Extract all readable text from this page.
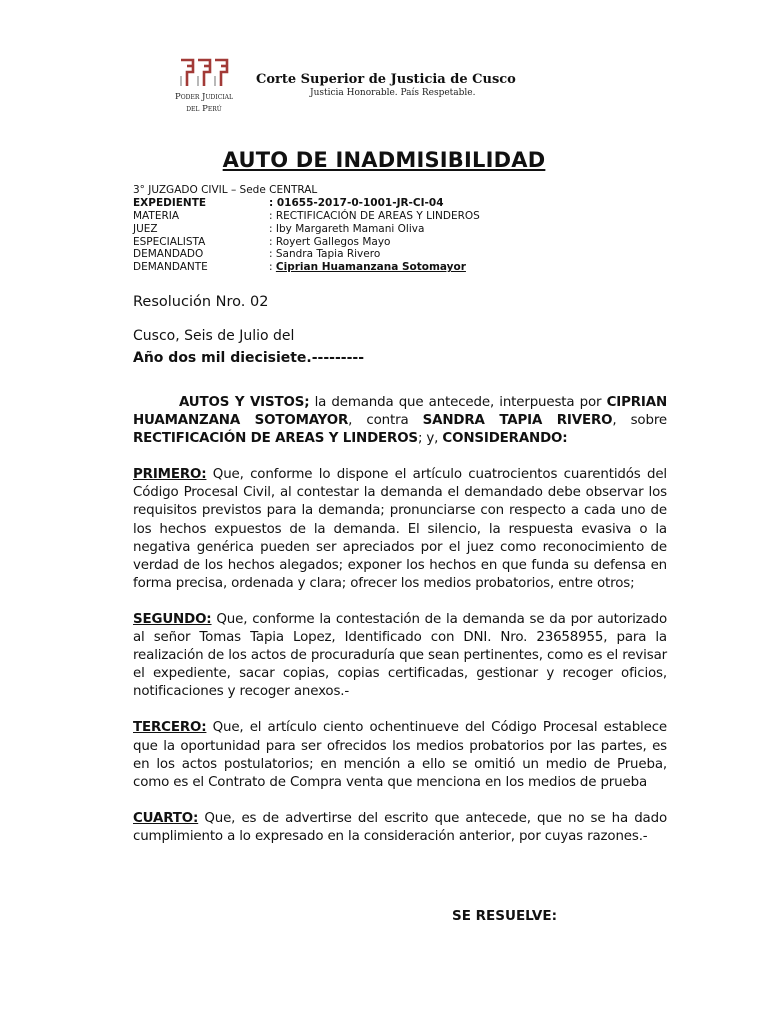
Poder Judicial
del Perú
Corte Superior de Justicia de Cusco
Justicia Honorable. País Respetable.
AUTO DE INADMISIBILIDAD
3° JUZGADO CIVIL – Sede CENTRAL
EXPEDIENTE	: 01655-2017-0-1001-JR-CI-04
MATERIA	: RECTIFICACIÓN DE AREAS Y LINDEROS
JUEZ	: Iby Margareth Mamani Oliva
ESPECIALISTA	: Royert Gallegos Mayo
DEMANDADO	: Sandra Tapia Rivero
DEMANDANTE	: Ciprian Huamanzana Sotomayor
Resolución Nro. 02
Cusco, Seis de Julio del
Año dos mil diecisiete.---------

AUTOS Y VISTOS; la demanda que antecede, interpuesta por CIPRIAN HUAMANZANA SOTOMAYOR, contra SANDRA TAPIA RIVERO, sobre RECTIFICACIÓN DE AREAS Y LINDEROS; y, CONSIDERANDO:

PRIMERO: Que, conforme lo dispone el artículo cuatrocientos cuarentidós del Código Procesal Civil, al contestar la demanda el demandado debe observar los requisitos previstos para la demanda; pronunciarse con respecto a cada uno de los hechos expuestos de la demanda. El silencio, la respuesta evasiva o la negativa genérica pueden ser apreciados por el juez como reconocimiento de verdad de los hechos alegados; exponer los hechos en que funda su defensa en forma precisa, ordenada y clara; ofrecer los medios probatorios, entre otros;

SEGUNDO: Que, conforme la contestación de la demanda se da por autorizado al señor Tomas Tapia Lopez, Identificado con DNI. Nro. 23658955, para la realización de los actos de procuraduría que sean pertinentes, como es el revisar el expediente, sacar copias, copias certificadas, gestionar y recoger oficios, notificaciones y recoger anexos.-

TERCERO: Que, el artículo ciento ochentinueve del Código Procesal establece que la oportunidad para ser ofrecidos los medios probatorios por las partes, es en los actos postulatorios; en mención a ello se omitió un medio de Prueba, como es el Contrato de Compra venta que menciona en los medios de prueba

CUARTO: Que, es de advertirse del escrito que antecede, que no se ha dado cumplimiento a lo expresado en la consideración anterior, por cuyas razones.-

SE RESUELVE:
